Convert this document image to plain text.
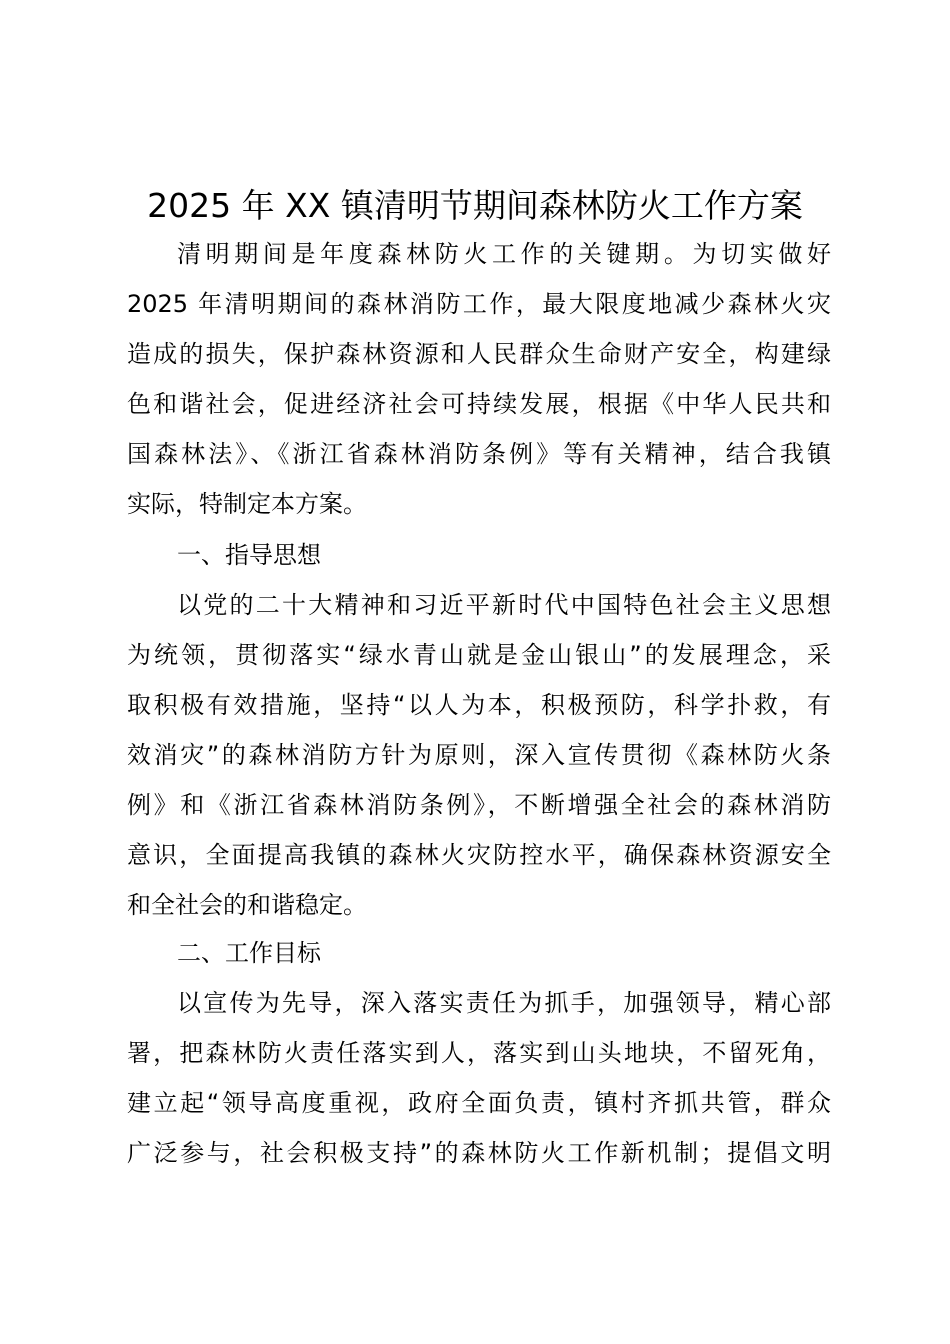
2025 年 XX 镇清明节期间森林防火工作方案
清明期间是年度森林防火工作的关键期。为切实做好
2025 年清明期间的森林消防工作，最大限度地减少森林火灾
造成的损失，保护森林资源和人民群众生命财产安全，构建绿
色和谐社会，促进经济社会可持续发展，根据《中华人民共和
国森林法》、《浙江省森林消防条例》等有关精神，结合我镇
实际，特制定本方案。
一、指导思想
以党的二十大精神和习近平新时代中国特色社会主义思想
为统领，贯彻落实“绿水青山就是金山银山”的发展理念，采
取积极有效措施，坚持“以人为本，积极预防，科学扑救，有
效消灾”的森林消防方针为原则，深入宣传贯彻《森林防火条
例》和《浙江省森林消防条例》，不断增强全社会的森林消防
意识，全面提高我镇的森林火灾防控水平，确保森林资源安全
和全社会的和谐稳定。
二、工作目标
以宣传为先导，深入落实责任为抓手，加强领导，精心部
署，把森林防火责任落实到人，落实到山头地块，不留死角，
建立起“领导高度重视，政府全面负责，镇村齐抓共管，群众
广泛参与，社会积极支持”的森林防火工作新机制；提倡文明
